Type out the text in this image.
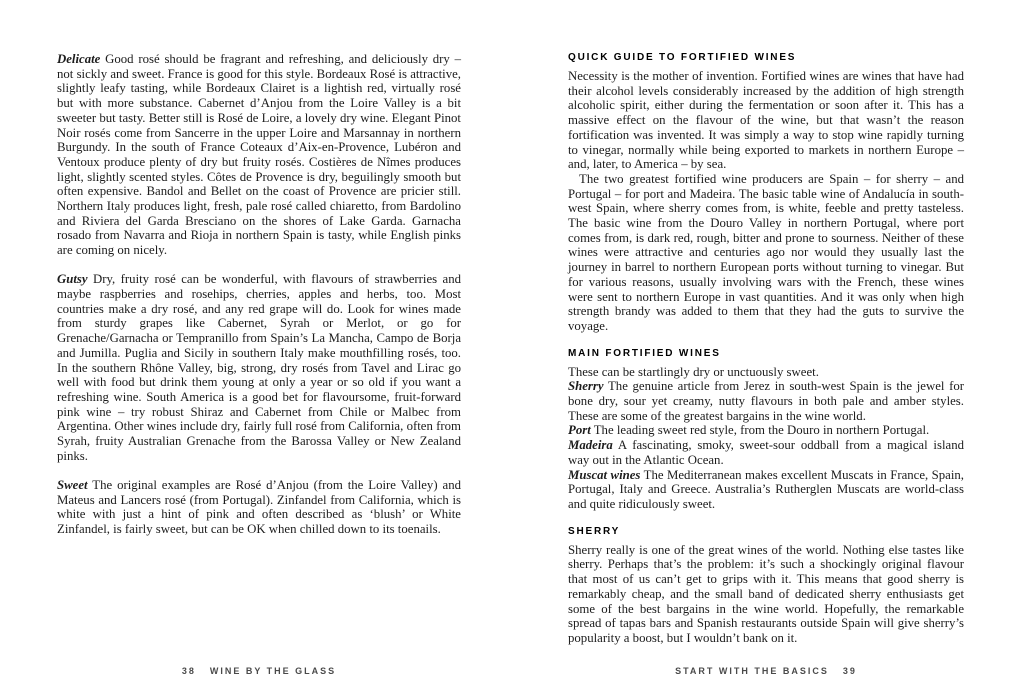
Delicate Good rosé should be fragrant and refreshing, and deliciously dry – not sickly and sweet. France is good for this style. Bordeaux Rosé is attractive, slightly leafy tasting, while Bordeaux Clairet is a lightish red, virtually rosé but with more substance. Cabernet d’Anjou from the Loire Valley is a bit sweeter but tasty. Better still is Rosé de Loire, a lovely dry wine. Elegant Pinot Noir rosés come from Sancerre in the upper Loire and Marsannay in northern Burgundy. In the south of France Coteaux d’Aix-en-Provence, Lubéron and Ventoux produce plenty of dry but fruity rosés. Costières de Nîmes produces light, slightly scented styles. Côtes de Provence is dry, beguilingly smooth but often expensive. Bandol and Bellet on the coast of Provence are pricier still. Northern Italy produces light, fresh, pale rosé called chiaretto, from Bardolino and Riviera del Garda Bresciano on the shores of Lake Garda. Garnacha rosado from Navarra and Rioja in northern Spain is tasty, while English pinks are coming on nicely.

Gutsy Dry, fruity rosé can be wonderful, with flavours of strawberries and maybe raspberries and rosehips, cherries, apples and herbs, too. Most countries make a dry rosé, and any red grape will do. Look for wines made from sturdy grapes like Cabernet, Syrah or Merlot, or go for Grenache/Garnacha or Tempranillo from Spain’s La Mancha, Campo de Borja and Jumilla. Puglia and Sicily in southern Italy make mouthfilling rosés, too. In the southern Rhône Valley, big, strong, dry rosés from Tavel and Lirac go well with food but drink them young at only a year or so old if you want a refreshing wine. South America is a good bet for flavoursome, fruit-forward pink wine – try robust Shiraz and Cabernet from Chile or Malbec from Argentina. Other wines include dry, fairly full rosé from California, often from Syrah, fruity Australian Grenache from the Barossa Valley or New Zealand pinks.

Sweet The original examples are Rosé d’Anjou (from the Loire Valley) and Mateus and Lancers rosé (from Portugal). Zinfandel from California, which is white with just a hint of pink and often described as ‘blush’ or White Zinfandel, is fairly sweet, but can be OK when chilled down to its toenails.

QUICK GUIDE TO FORTIFIED WINES

Necessity is the mother of invention. Fortified wines are wines that have had their alcohol levels considerably increased by the addition of high strength alcoholic spirit, either during the fermentation or soon after it. This has a massive effect on the flavour of the wine, but that wasn’t the reason fortification was invented. It was simply a way to stop wine rapidly turning to vinegar, normally while being exported to markets in northern Europe – and, later, to America – by sea.

The two greatest fortified wine producers are Spain – for sherry – and Portugal – for port and Madeira. The basic table wine of Andalucía in south-west Spain, where sherry comes from, is white, feeble and pretty tasteless. The basic wine from the Douro Valley in northern Portugal, where port comes from, is dark red, rough, bitter and prone to sourness. Neither of these wines were attractive and centuries ago nor would they usually last the journey in barrel to northern European ports without turning to vinegar. But for various reasons, usually involving wars with the French, these wines were sent to northern Europe in vast quantities. And it was only when high strength brandy was added to them that they had the guts to survive the voyage.

MAIN FORTIFIED WINES

These can be startlingly dry or unctuously sweet.

Sherry The genuine article from Jerez in south-west Spain is the jewel for bone dry, sour yet creamy, nutty flavours in both pale and amber styles. These are some of the greatest bargains in the wine world.

Port The leading sweet red style, from the Douro in northern Portugal.

Madeira A fascinating, smoky, sweet-sour oddball from a magical island way out in the Atlantic Ocean.

Muscat wines The Mediterranean makes excellent Muscats in France, Spain, Portugal, Italy and Greece. Australia’s Rutherglen Muscats are world-class and quite ridiculously sweet.

SHERRY

Sherry really is one of the great wines of the world. Nothing else tastes like sherry. Perhaps that’s the problem: it’s such a shockingly original flavour that most of us can’t get to grips with it. This means that good sherry is remarkably cheap, and the small band of dedicated sherry enthusiasts get some of the best bargains in the wine world. Hopefully, the remarkable spread of tapas bars and Spanish restaurants outside Spain will give sherry’s popularity a boost, but I wouldn’t bank on it.

38 WINE BY THE GLASS	START WITH THE BASICS 39
